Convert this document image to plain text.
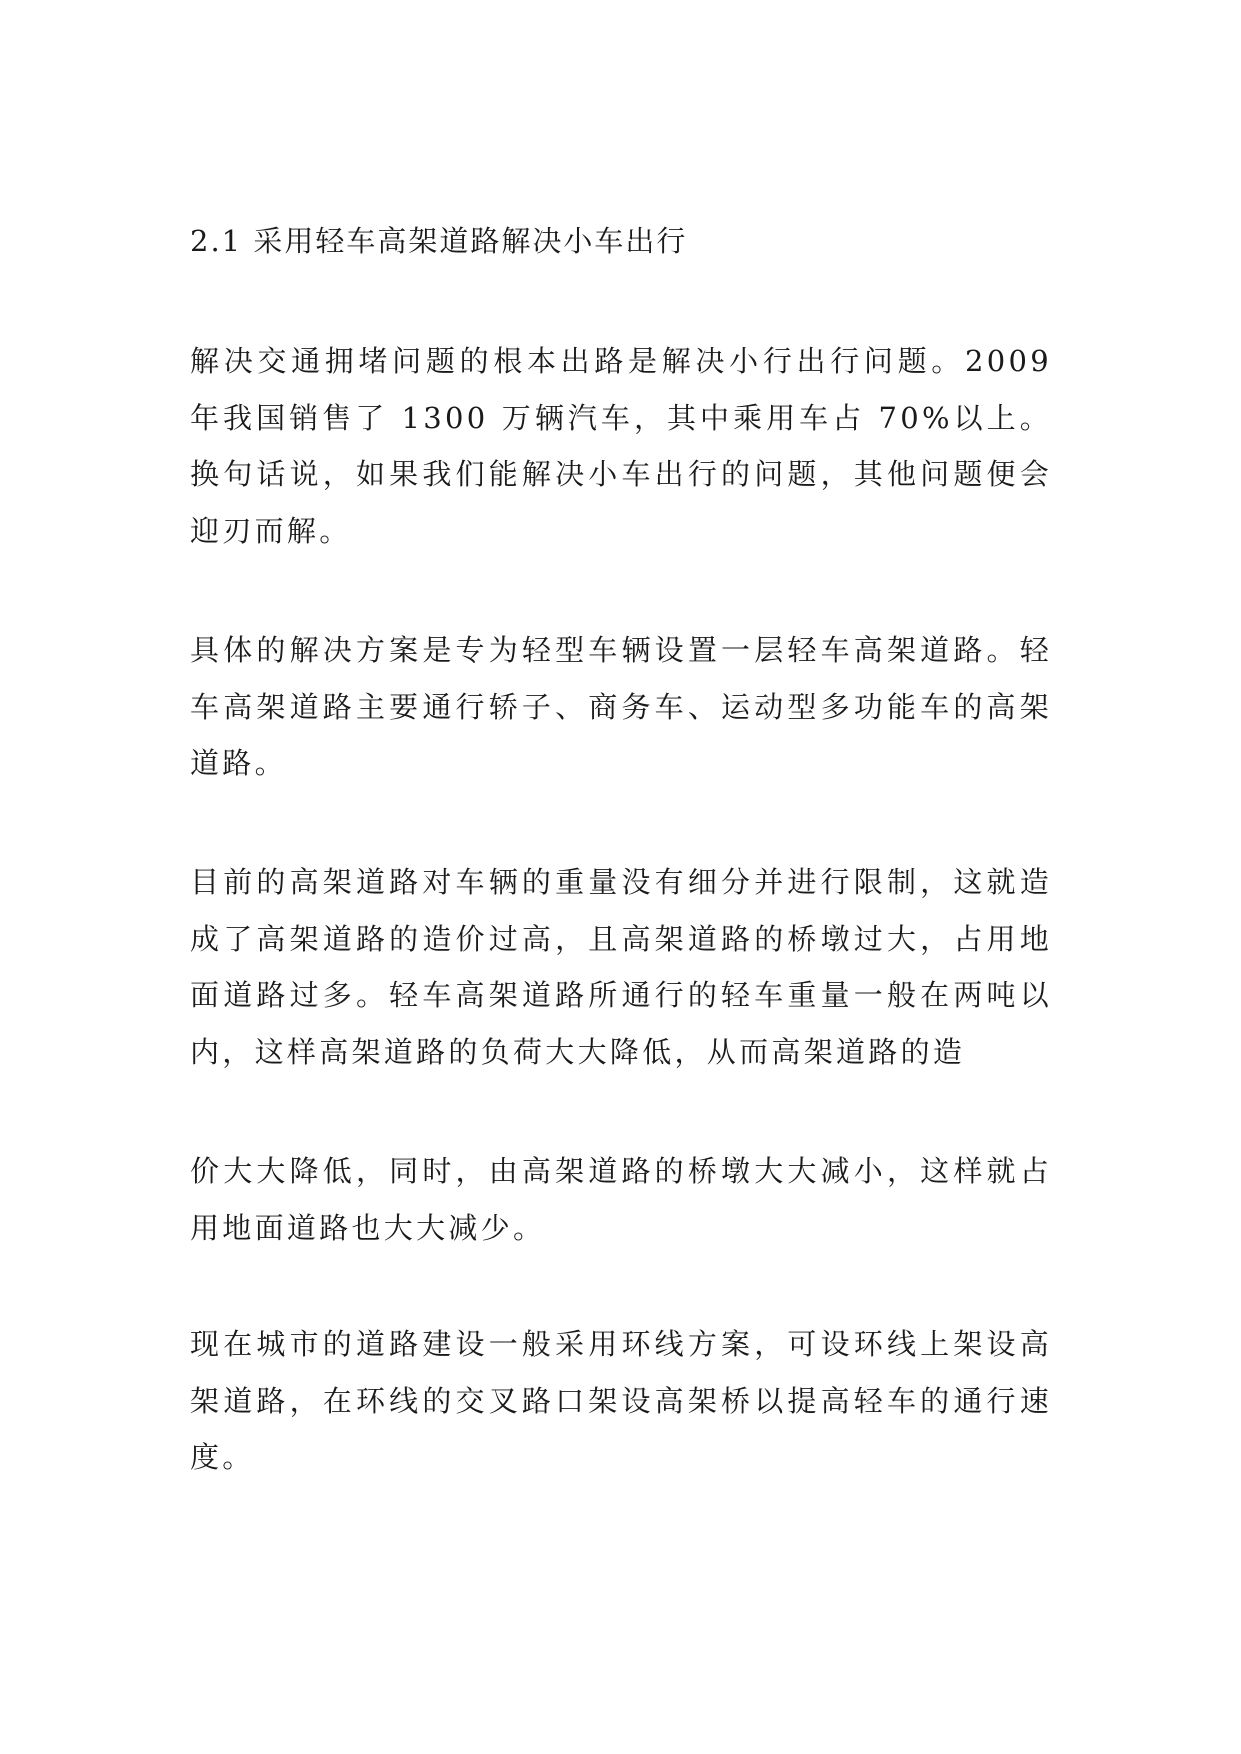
2.1 采用轻车高架道路解决小车出行

解决交通拥堵问题的根本出路是解决小行出行问题。2009 年我国销售了 1300 万辆汽车，其中乘用车占 70%以上。换句话说，如果我们能解决小车出行的问题，其他问题便会迎刃而解。

具体的解决方案是专为轻型车辆设置一层轻车高架道路。轻车高架道路主要通行轿子、商务车、运动型多功能车的高架道路。

目前的高架道路对车辆的重量没有细分并进行限制，这就造成了高架道路的造价过高，且高架道路的桥墩过大，占用地面道路过多。轻车高架道路所通行的轻车重量一般在两吨以内，这样高架道路的负荷大大降低，从而高架道路的造

价大大降低，同时，由高架道路的桥墩大大减小，这样就占用地面道路也大大减少。

现在城市的道路建设一般采用环线方案，可设环线上架设高架道路，在环线的交叉路口架设高架桥以提高轻车的通行速度。
